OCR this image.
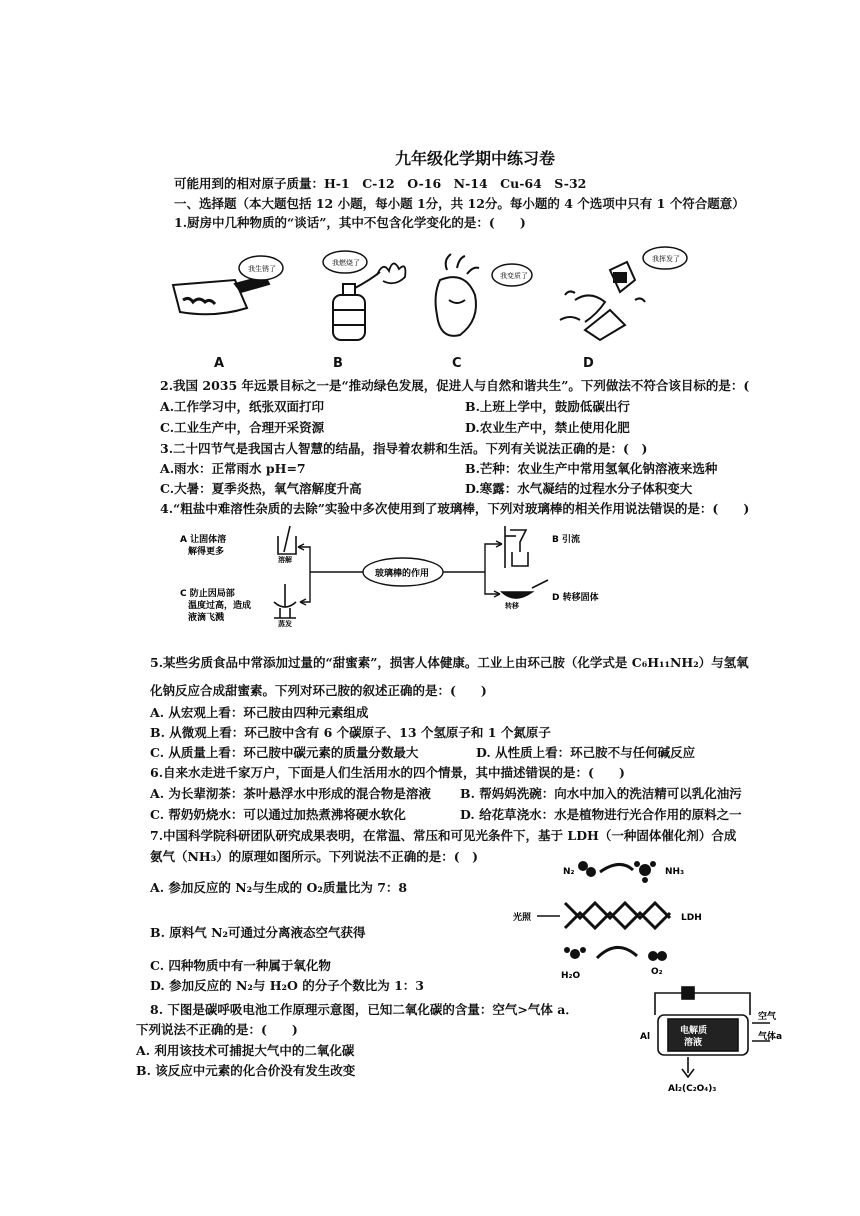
九年级化学期中练习卷
可能用到的相对原子质量：H-1　C-12　O-16　N-14　Cu-64　S-32
一、选择题（本大题包括 12 小题，每小题 1分，共 12分。每小题的 4 个选项中只有 1 个符合题意）
1.厨房中几种物质的“谈话”，其中不包含化学变化的是：(　　)
我生锈了
我燃烧了
我变质了
我挥发了
A	B	C	D
2.我国 2035 年远景目标之一是“推动绿色发展，促进人与自然和谐共生”。下列做法不符合该目标的是：(
A.工作学习中，纸张双面打印	B.上班上学中，鼓励低碳出行
C.工业生产中，合理开采资源	D.农业生产中，禁止使用化肥
3.二十四节气是我国古人智慧的结晶，指导着农耕和生活。下列有关说法正确的是：(　)
A.雨水：正常雨水 pH=7	B.芒种：农业生产中常用氢氧化钠溶液来选种
C.大暑：夏季炎热，氧气溶解度升高	D.寒露：水气凝结的过程水分子体积变大
4.“粗盐中难溶性杂质的去除”实验中多次使用到了玻璃棒，下列对玻璃棒的相关作用说法错误的是：(　　)
A 让固体溶
解得更多
C 防止因局部
温度过高，造成
液滴飞溅
B 引流
D 转移固体
溶解
蒸发
转移
玻璃棒的作用
5.某些劣质食品中常添加过量的“甜蜜素”，损害人体健康。工业上由环己胺（化学式是 C₆H₁₁NH₂）与氢氧
化钠反应合成甜蜜素。下列对环己胺的叙述正确的是：(　　)
A. 从宏观上看：环己胺由四种元素组成
B. 从微观上看：环己胺中含有 6 个碳原子、13 个氢原子和 1 个氮原子
C. 从质量上看：环己胺中碳元素的质量分数最大	D. 从性质上看：环己胺不与任何碱反应
6.自来水走进千家万户，下面是人们生活用水的四个情景，其中描述错误的是：(　　)
A. 为长辈沏茶：茶叶悬浮水中形成的混合物是溶液 B. 帮妈妈洗碗：向水中加入的洗洁精可以乳化油污
C. 帮奶奶烧水：可以通过加热煮沸将硬水软化	D. 给花草浇水：水是植物进行光合作用的原料之一
7.中国科学院科研团队研究成果表明，在常温、常压和可见光条件下，基于 LDH（一种固体催化剂）合成
氨气（NH₃）的原理如图所示。下列说法不正确的是：(　)
A. 参加反应的 N₂与生成的 O₂质量比为 7：8
B. 原料气 N₂可通过分离液态空气获得
C. 四种物质中有一种属于氧化物
D. 参加反应的 N₂与 H₂O 的分子个数比为 1：3
N₂	NH₃
光照	LDH
H₂O	O₂
8. 下图是碳呼吸电池工作原理示意图，已知二氧化碳的含量：空气>气体 a．
下列说法不正确的是：(　　)
A. 利用该技术可捕捉大气中的二氧化碳
B. 该反应中元素的化合价没有发生改变
Al
电解质
溶液
空气
气体a
Al₂(C₂O₄)₃
